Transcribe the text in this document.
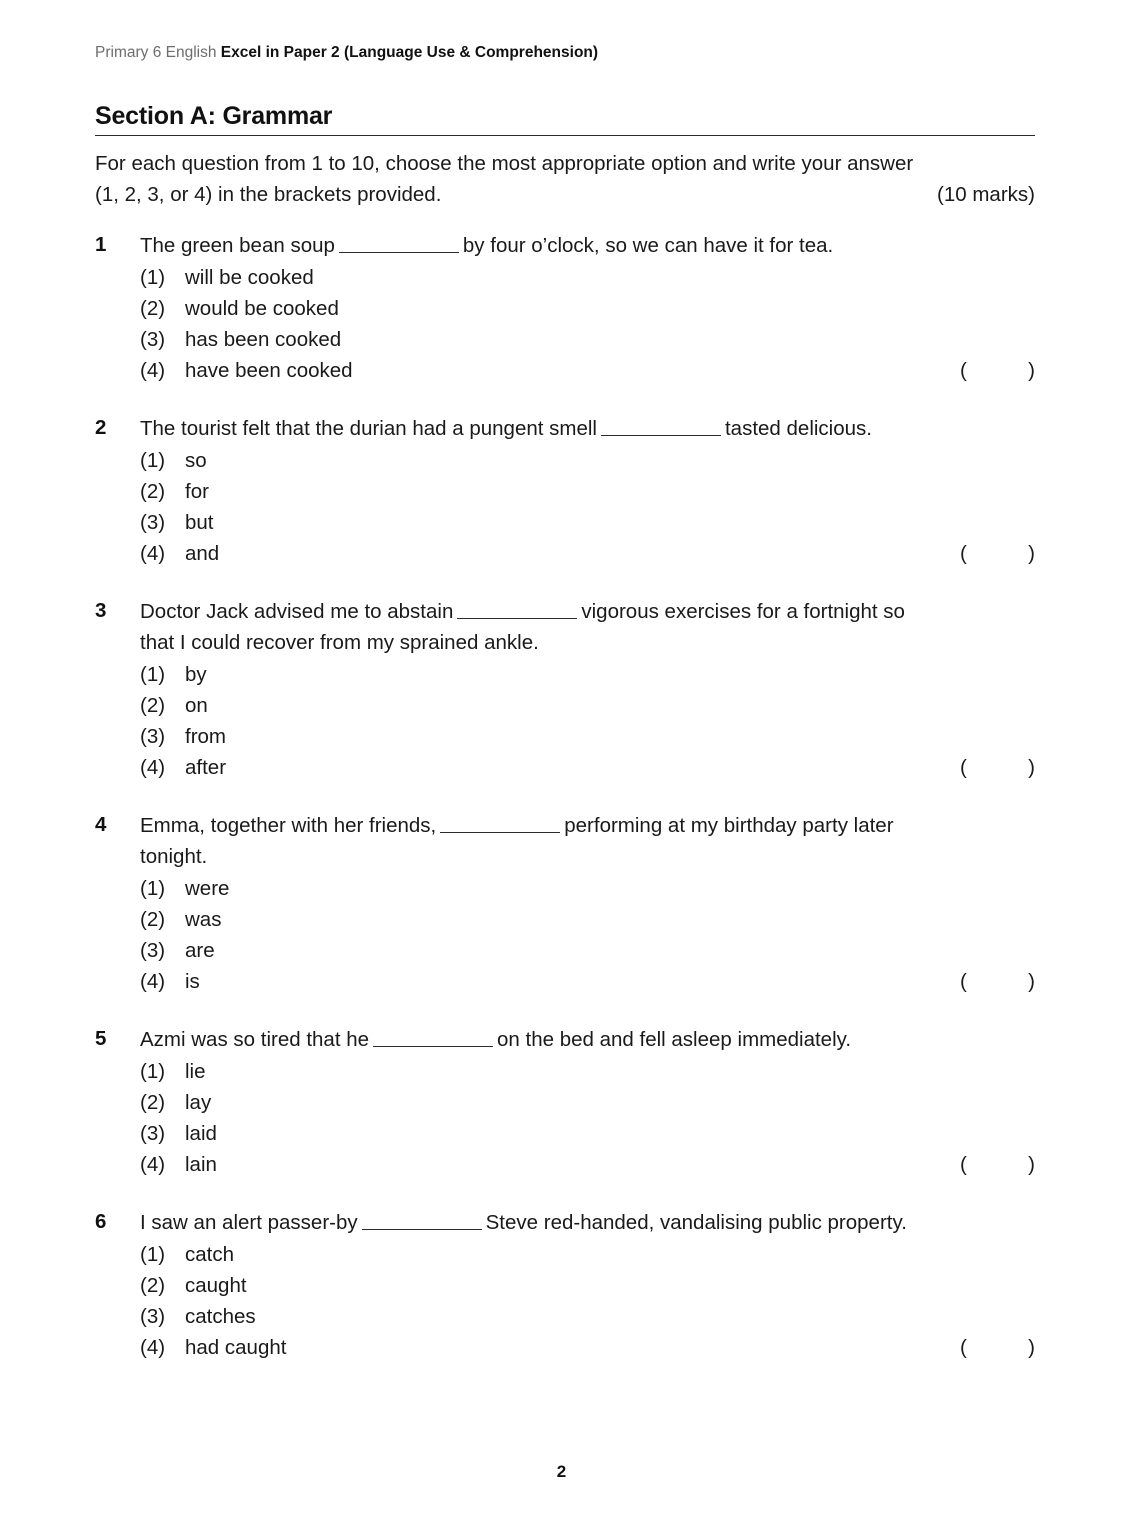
Primary 6 English Excel in Paper 2 (Language Use & Comprehension)
Section A: Grammar
For each question from 1 to 10, choose the most appropriate option and write your answer
(1, 2, 3, or 4) in the brackets provided.	(10 marks)
1	The green bean soup	by four o’clock, so we can have it for tea.
(1) will be cooked
(2) would be cooked
(3) has been cooked
(4) have been cooked	(	)
2	The tourist felt that the durian had a pungent smell	tasted delicious.
(1) so
(2) for
(3) but
(4) and	(	)
3	Doctor Jack advised me to abstain	vigorous exercises for a fortnight so
that I could recover from my sprained ankle.
(1) by
(2) on
(3) from
(4) after	(	)
4	Emma, together with her friends,	performing at my birthday party later
tonight.
(1) were
(2) was
(3) are
(4) is	(	)
5	Azmi was so tired that he	on the bed and fell asleep immediately.
(1) lie
(2) lay
(3) laid
(4) lain	(	)
6	I saw an alert passer-by	Steve red-handed, vandalising public property.
(1) catch
(2) caught
(3) catches
(4) had caught	(	)
2
